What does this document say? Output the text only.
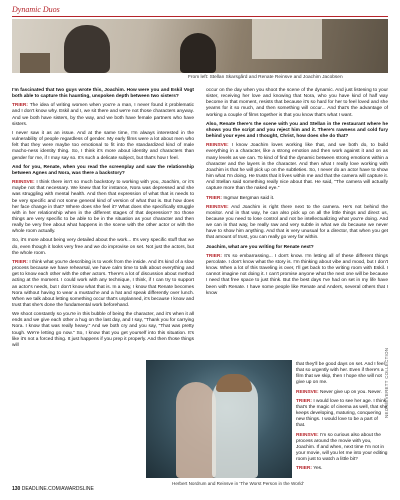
Dynamic Duos
From left: Stellan Skarsgård and Renate Reinsve and Joachim Jacobsen

I'm fascinated that two guys wrote this, Joachim. How were you and Eskil Vogt both able to capture this haunting, unspoken depth between two sisters?

TRIER: The idea of writing women when you're a man, I never found it problematic and I don't know why. Eskil and I, we sit there and we're not those characters anyway. And we both have sisters, by the way, and we both have female partners who have sisters.

I never saw it as an issue. And at the same time, I'm always interested in the vulnerability of people regardless of gender. My early films were a lot about men who felt that they were maybe too emotional to fit into the standardized kind of male macho-ness identity thing. So, I think it's more about identity and characters than gender for me, if I may say so. It's such a delicate subject, but that's how I feel.

And for you, Renate, when you read the screenplay and saw the relationship between Agnes and Nora, was there a backstory?

REINSVE: I think there isn't so much backstory to working with you, Joachim, or it's maybe not that necessary. We knew that for instance, Nora was depressed and she was struggling with mental health. And then that expression of what that is needs to be very specific and not some general kind of version of what that is. But how does her face change in that? Where does she feel it? What does she specifically struggle with in her relationship when in the different stages of that depression? So those things are very specific to be able to be in the situation as your character and then really be very free about what happens in the scene with the other actor or with the whole room actually.

So, it's more about being very detailed about the work... It's very specific stuff that we do, even though it looks very free and we do improvise on set. Not just the actors, but the whole room.

TRIER: I think what you're describing is to work from the inside. And it's kind of a slow process because we have rehearsal, we have calm time to talk about everything and get to know each other with the other actors. There's a lot of discussion about method acting at the moment. I could work with any technique, I think, if I can try to support an actor's needs, but I don't know what that is. In a way, I know that Renate becomes Nora without having to wear a mustache and a hat and speak differently over lunch. When we talk about letting something occur that's unplanned, it's because I know and trust that she's done the fundamental work beforehand.

We shoot constantly so you're in this bubble of being the character, and it's when it all ends and we give each other a hug on the last day, and I say, "Thank you for carrying Nora. I know that was really heavy." And we both cry and you say, "That was pretty tough. We're letting go now." So, I know that you get yourself into this situation. It's like it's not a forced thing. It just happens if you prep it properly. And then those things will

occur on the day when you shoot the scene of the dynamic. And just listening to your sister, receiving her love and knowing that Nora, who you have kind of half way become in that moment, resists that because it's so hard for her to feel loved and she yearns for it so much, and then something will occur... And that's the advantage of working a couple of films together is that you know that's what I want.

Also, Renate there's the scene with you and Stellan in the restaurant where he shows you the script and you reject him and it. There's rawness and cold fury behind your eyes and I thought, Christ, how does she do that?

REINSVE: I know Joachim loves working like that, and we both do, to build everything in a character, like a strong emotion and then work against it and on as many levels as we can. To kind of find the dynamic between strong emotions within a character and the layers in the character. And then what I really love working with Joachim is that he will pick up on the subtleties. So, I never do an actor have to show him what I'm doing. He trusts that it lives within me and that the camera will capture it. And Stellan said something really nice about that. He said, "The camera will actually capture more than the naked eye."

TRIER: Ingmar Bergman said it.

REINSVE: And Joachim is right there next to the camera. He's not behind the monitor. And in that way, he can also pick up on all the little things and direct us, because you need to lose control and not be intellectualizing what you're doing. And we can in that way, be really raw and very subtle in what we do because we never have to show him anything. And that is very unusual for a director, that when you get that amount of trust, you can really go very far within.

Joachim, what are you writing for Renate next?

TRIER: It's so embarrassing... I don't know. I'm letting all of these different things percolate. I don't know what the story is. I'm thinking about vibe and mood, but I don't know. When a lot of this traveling is over, I'll get back to the writing room with Eskil. I cannot imagine not doing it. I can't promise anyone what the next one will be because I need that free space to just think. But the best days I've had on set in my life have been with Renate. I have some people like Renate and Anders, several others that I know

Herbert Nordrum and Reinsve in 'The Worst Person in the World'

that they'll be good days on set. And I feel that so urgently with her. Even if there's a film that we skip, then I hope she will not give up on me.

REINSVE: Never give up on you. Never.

TRIER: I would love to see her age. I think that's the magic of cinema as well, that she keeps developing, maturing, conquering new things. I would love to be a part of that.

REINSVE: I'm so curious also about the process around the movie with you, Joachim. If and when, next time I'm not in your movie, will you let me into your editing room just to watch a little bit?

TRIER: Yes.

NEON/EVERETT COLLECTION
130 DEADLINE.COM/AWARDSLINE
